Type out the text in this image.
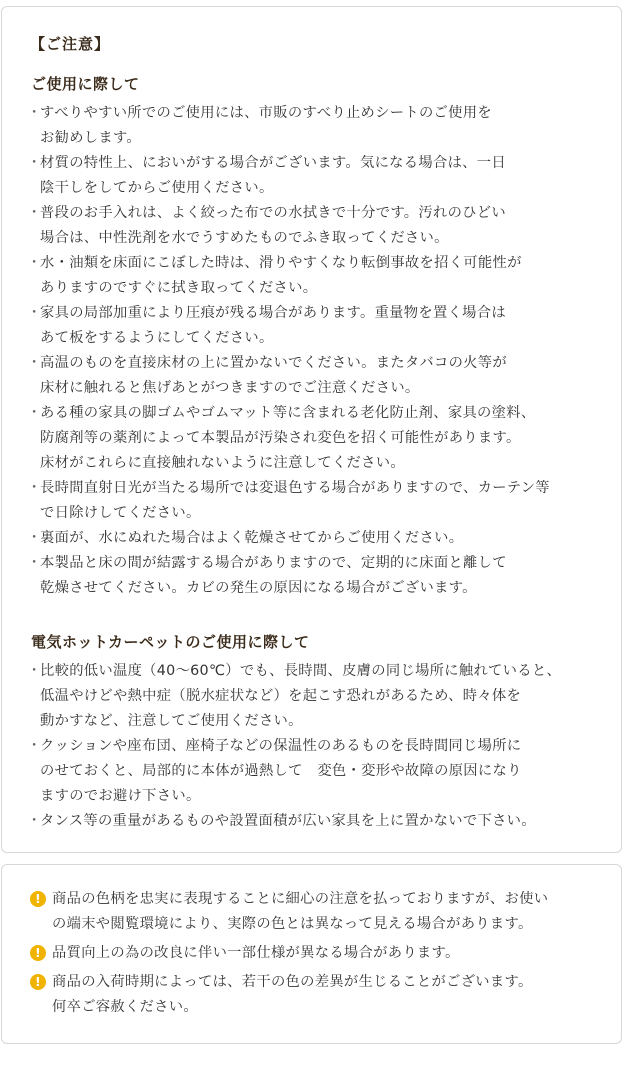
【ご注意】
ご使用に際して
・
すべりやすい所でのご使用には、市販のすべり止めシートのご使用を
お勧めします。
・
材質の特性上、においがする場合がございます。気になる場合は、一日
陰干しをしてからご使用ください。
・
普段のお手入れは、よく絞った布での水拭きで十分です。汚れのひどい
場合は、中性洗剤を水でうすめたものでふき取ってください。
・
水・油類を床面にこぼした時は、滑りやすくなり転倒事故を招く可能性が
ありますのですぐに拭き取ってください。
・
家具の局部加重により圧痕が残る場合があります。重量物を置く場合は
あて板をするようにしてください。
・
高温のものを直接床材の上に置かないでください。またタバコの火等が
床材に触れると焦げあとがつきますのでご注意ください。
・
ある種の家具の脚ゴムやゴムマット等に含まれる老化防止剤、家具の塗料、
防腐剤等の薬剤によって本製品が汚染され変色を招く可能性があります。
床材がこれらに直接触れないように注意してください。
・
長時間直射日光が当たる場所では変退色する場合がありますので、カーテン等
で日除けしてください。
・
裏面が、水にぬれた場合はよく乾燥させてからご使用ください。
・
本製品と床の間が結露する場合がありますので、定期的に床面と離して
乾燥させてください。カビの発生の原因になる場合がございます。
電気ホットカーペットのご使用に際して
・
比較的低い温度（40～60℃）でも、長時間、皮膚の同じ場所に触れていると、
低温やけどや熱中症（脱水症状など）を起こす恐れがあるため、時々体を
動かすなど、注意してご使用ください。
・
クッションや座布団、座椅子などの保温性のあるものを長時間同じ場所に
のせておくと、局部的に本体が過熱して　変色・変形や故障の原因になり
ますのでお避け下さい。
・
タンス等の重量があるものや設置面積が広い家具を上に置かないで下さい。
! 商品の色柄を忠実に表現することに細心の注意を払っておりますが、お使い
の端末や閲覧環境により、実際の色とは異なって見える場合があります。
! 品質向上の為の改良に伴い一部仕様が異なる場合があります。
! 商品の入荷時期によっては、若干の色の差異が生じることがございます。
何卒ご容赦ください。
